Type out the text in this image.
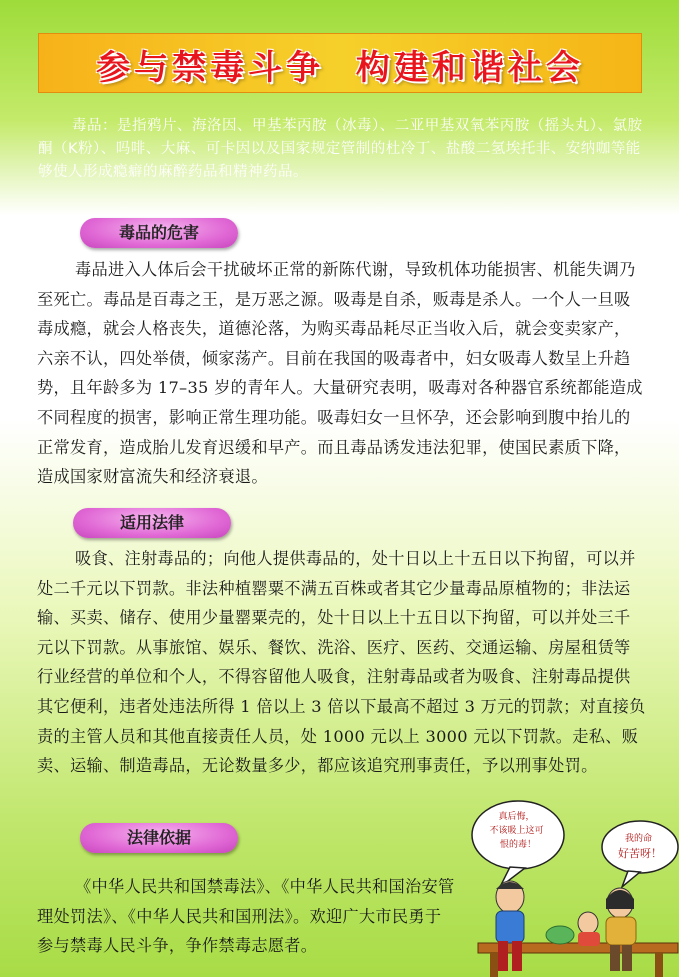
参与禁毒斗争  构建和谐社会
毒品：是指鸦片、海洛因、甲基苯丙胺（冰毒）、二亚甲基双氧苯丙胺（摇头丸）、氯胺酮（K粉）、吗啡、大麻、可卡因以及国家规定管制的杜冷丁、盐酸二氢埃托非、安纳咖等能够使人形成瘾癖的麻醉药品和精神药品。
毒品的危害
毒品进入人体后会干扰破坏正常的新陈代谢，导致机体功能损害、机能失调乃至死亡。毒品是百毒之王，是万恶之源。吸毒是自杀，贩毒是杀人。一个人一旦吸毒成瘾，就会人格丧失，道德沦落，为购买毒品耗尽正当收入后，就会变卖家产，六亲不认，四处举债，倾家荡产。目前在我国的吸毒者中，妇女吸毒人数呈上升趋势，且年龄多为 17–35 岁的青年人。大量研究表明，吸毒对各种器官系统都能造成不同程度的损害，影响正常生理功能。吸毒妇女一旦怀孕，还会影响到腹中抬儿的正常发育，造成胎儿发育迟缓和早产。而且毒品诱发违法犯罪，使国民素质下降，造成国家财富流失和经济衰退。
适用法律
吸食、注射毒品的；向他人提供毒品的，处十日以上十五日以下拘留，可以并处二千元以下罚款。非法种植罂粟不满五百株或者其它少量毒品原植物的；非法运输、买卖、储存、使用少量罂粟壳的，处十日以上十五日以下拘留，可以并处三千元以下罚款。从事旅馆、娱乐、餐饮、洗浴、医疗、医药、交通运输、房屋租赁等行业经营的单位和个人，不得容留他人吸食，注射毒品或者为吸食、注射毒品提供其它便利，违者处违法所得 1 倍以上 3 倍以下最高不超过 3 万元的罚款；对直接负责的主管人员和其他直接责任人员，处 1000 元以上 3000 元以下罚款。走私、贩卖、运输、制造毒品，无论数量多少，都应该追究刑事责任，予以刑事处罚。
法律依据
《中华人民共和国禁毒法》、《中华人民共和国治安管理处罚法》、《中华人民共和国刑法》。欢迎广大市民勇于参与禁毒人民斗争，争作禁毒志愿者。
真后悔， 不该吸上这可 恨的毒！
我的命 好苦呀！
